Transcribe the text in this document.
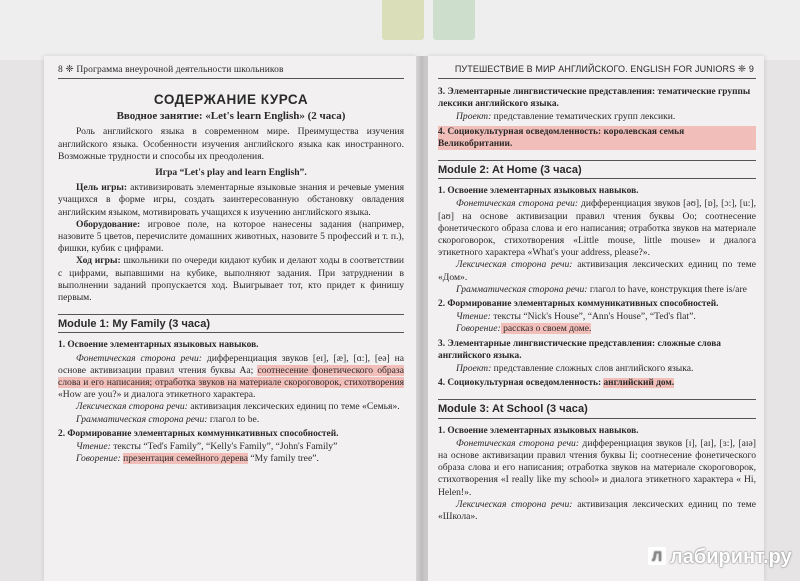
8 ❈ Программа внеурочной деятельности школьников
СОДЕРЖАНИЕ КУРСА
Вводное занятие: «Let's learn English» (2 часа)

Роль английского языка в современном мире. Преимущества изучения английского языка. Особенности изучения английского языка как иностранного. Возможные трудности и способы их преодоления.

Игра “Let's play and learn English”.

Цель игры: активизировать элементарные языковые знания и речевые умения учащихся в форме игры, создать заинтересованную обстановку овладения английским языком, мотивировать учащихся к изучению английского языка.

Оборудование: игровое поле, на которое нанесены задания (например, назовите 5 цветов, перечислите домашних животных, назовите 5 профессий и т. п.), фишки, кубик с цифрами.

Ход игры: школьники по очереди кидают кубик и делают ходы в соответствии с цифрами, выпавшими на кубике, выполняют задания. При затруднении в выполнении заданий пропускается ход. Выигрывает тот, кто придет к финишу первым.

Module 1: My Family (3 часа)
1. Освоение элементарных языковых навыков.

Фонетическая сторона речи: дифференциация звуков [eɪ], [æ], [ɑ:], [eə] на основе активизации правил чтения буквы Aa; соотнесение фонетического образа слова и его написания; отработка звуков на материале скороговорок, стихотворения «How are you?» и диалога этикетного характера.

Лексическая сторона речи: активизация лексических единиц по теме «Семья».

Грамматическая сторона речи: глагол to be.

2. Формирование элементарных коммуникативных способностей.

Чтение: тексты “Ted's Family”, “Kelly's Family”, “John's Family”

Говорение: презентация семейного дерева “My family tree”.

ПУТЕШЕСТВИЕ В МИР АНГЛИЙСКОГО. ENGLISH FOR JUNIORS ❈ 9
3. Элементарные лингвистические представления: тематические группы лексики английского языка.

Проект: представление тематических групп лексики.

4. Социокультурная осведомленность: королевская семья Великобритании.
Module 2: At Home (3 часа)
1. Освоение элементарных языковых навыков.

Фонетическая сторона речи: дифференциация звуков [əʊ], [ɒ], [ɔ:], [u:], [aʊ] на основе активизации правил чтения буквы Oo; соотнесение фонетического образа слова и его написания; отработка звуков на материале скороговорок, стихотворения «Little mouse, little mouse» и диалога этикетного характера «What's your address, please?».

Лексическая сторона речи: активизация лексических единиц по теме «Дом».

Грамматическая сторона речи: глагол to have, конструкция there is/are

2. Формирование элементарных коммуникативных способностей.

Чтение: тексты “Nick's House”, “Ann's House”, “Ted's flat”.

Говорение: рассказ о своем доме.

3. Элементарные лингвистические представления: сложные слова английского языка.

Проект: представление сложных слов английского языка.

4. Социокультурная осведомленность: английский дом.
Module 3: At School (3 часа)
1. Освоение элементарных языковых навыков.

Фонетическая сторона речи: дифференциация звуков [ɪ], [aɪ], [ɜ:], [aɪə] на основе активизации правил чтения буквы Ii; соотнесение фонетического образа слова и его написания; отработка звуков на материале скороговорок, стихотворения «I really like my school» и диалога этикетного характера « Hi, Helen!».

Лексическая сторона речи: активизация лексических единиц по теме «Школа».

Л лабиринт.ру
